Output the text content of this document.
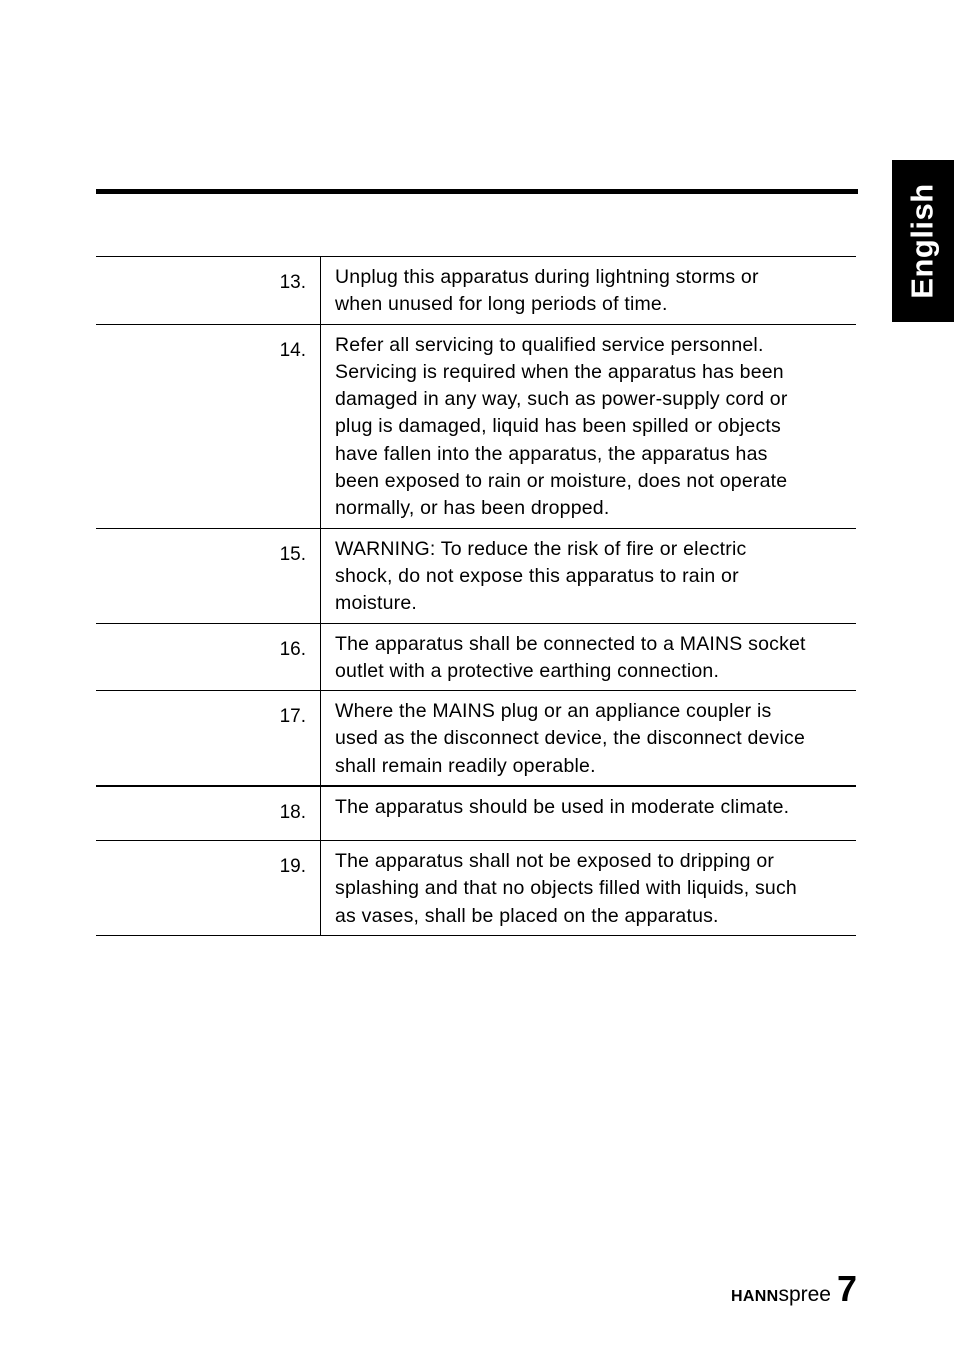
English
13.	Unplug this apparatus during lightning storms or
when unused for long periods of time.
14.	Refer all servicing to qualified service personnel.
Servicing is required when the apparatus has been
damaged in any way, such as power-supply cord or
plug is damaged, liquid has been spilled or objects
have fallen into the apparatus, the apparatus has
been exposed to rain or moisture, does not operate
normally, or has been dropped.
15.	WARNING: To reduce the risk of fire or electric
shock, do not expose this apparatus to rain or
moisture.
16.	The apparatus shall be connected to a MAINS socket
outlet with a protective earthing connection.
17.	Where the MAINS plug or an appliance coupler is
used as the disconnect device, the disconnect device
shall remain readily operable.
18.	The apparatus should be used in moderate climate.
19.	The apparatus shall not be exposed to dripping or
splashing and that no objects filled with liquids, such
as vases, shall be placed on the apparatus.
HANN spree 7
